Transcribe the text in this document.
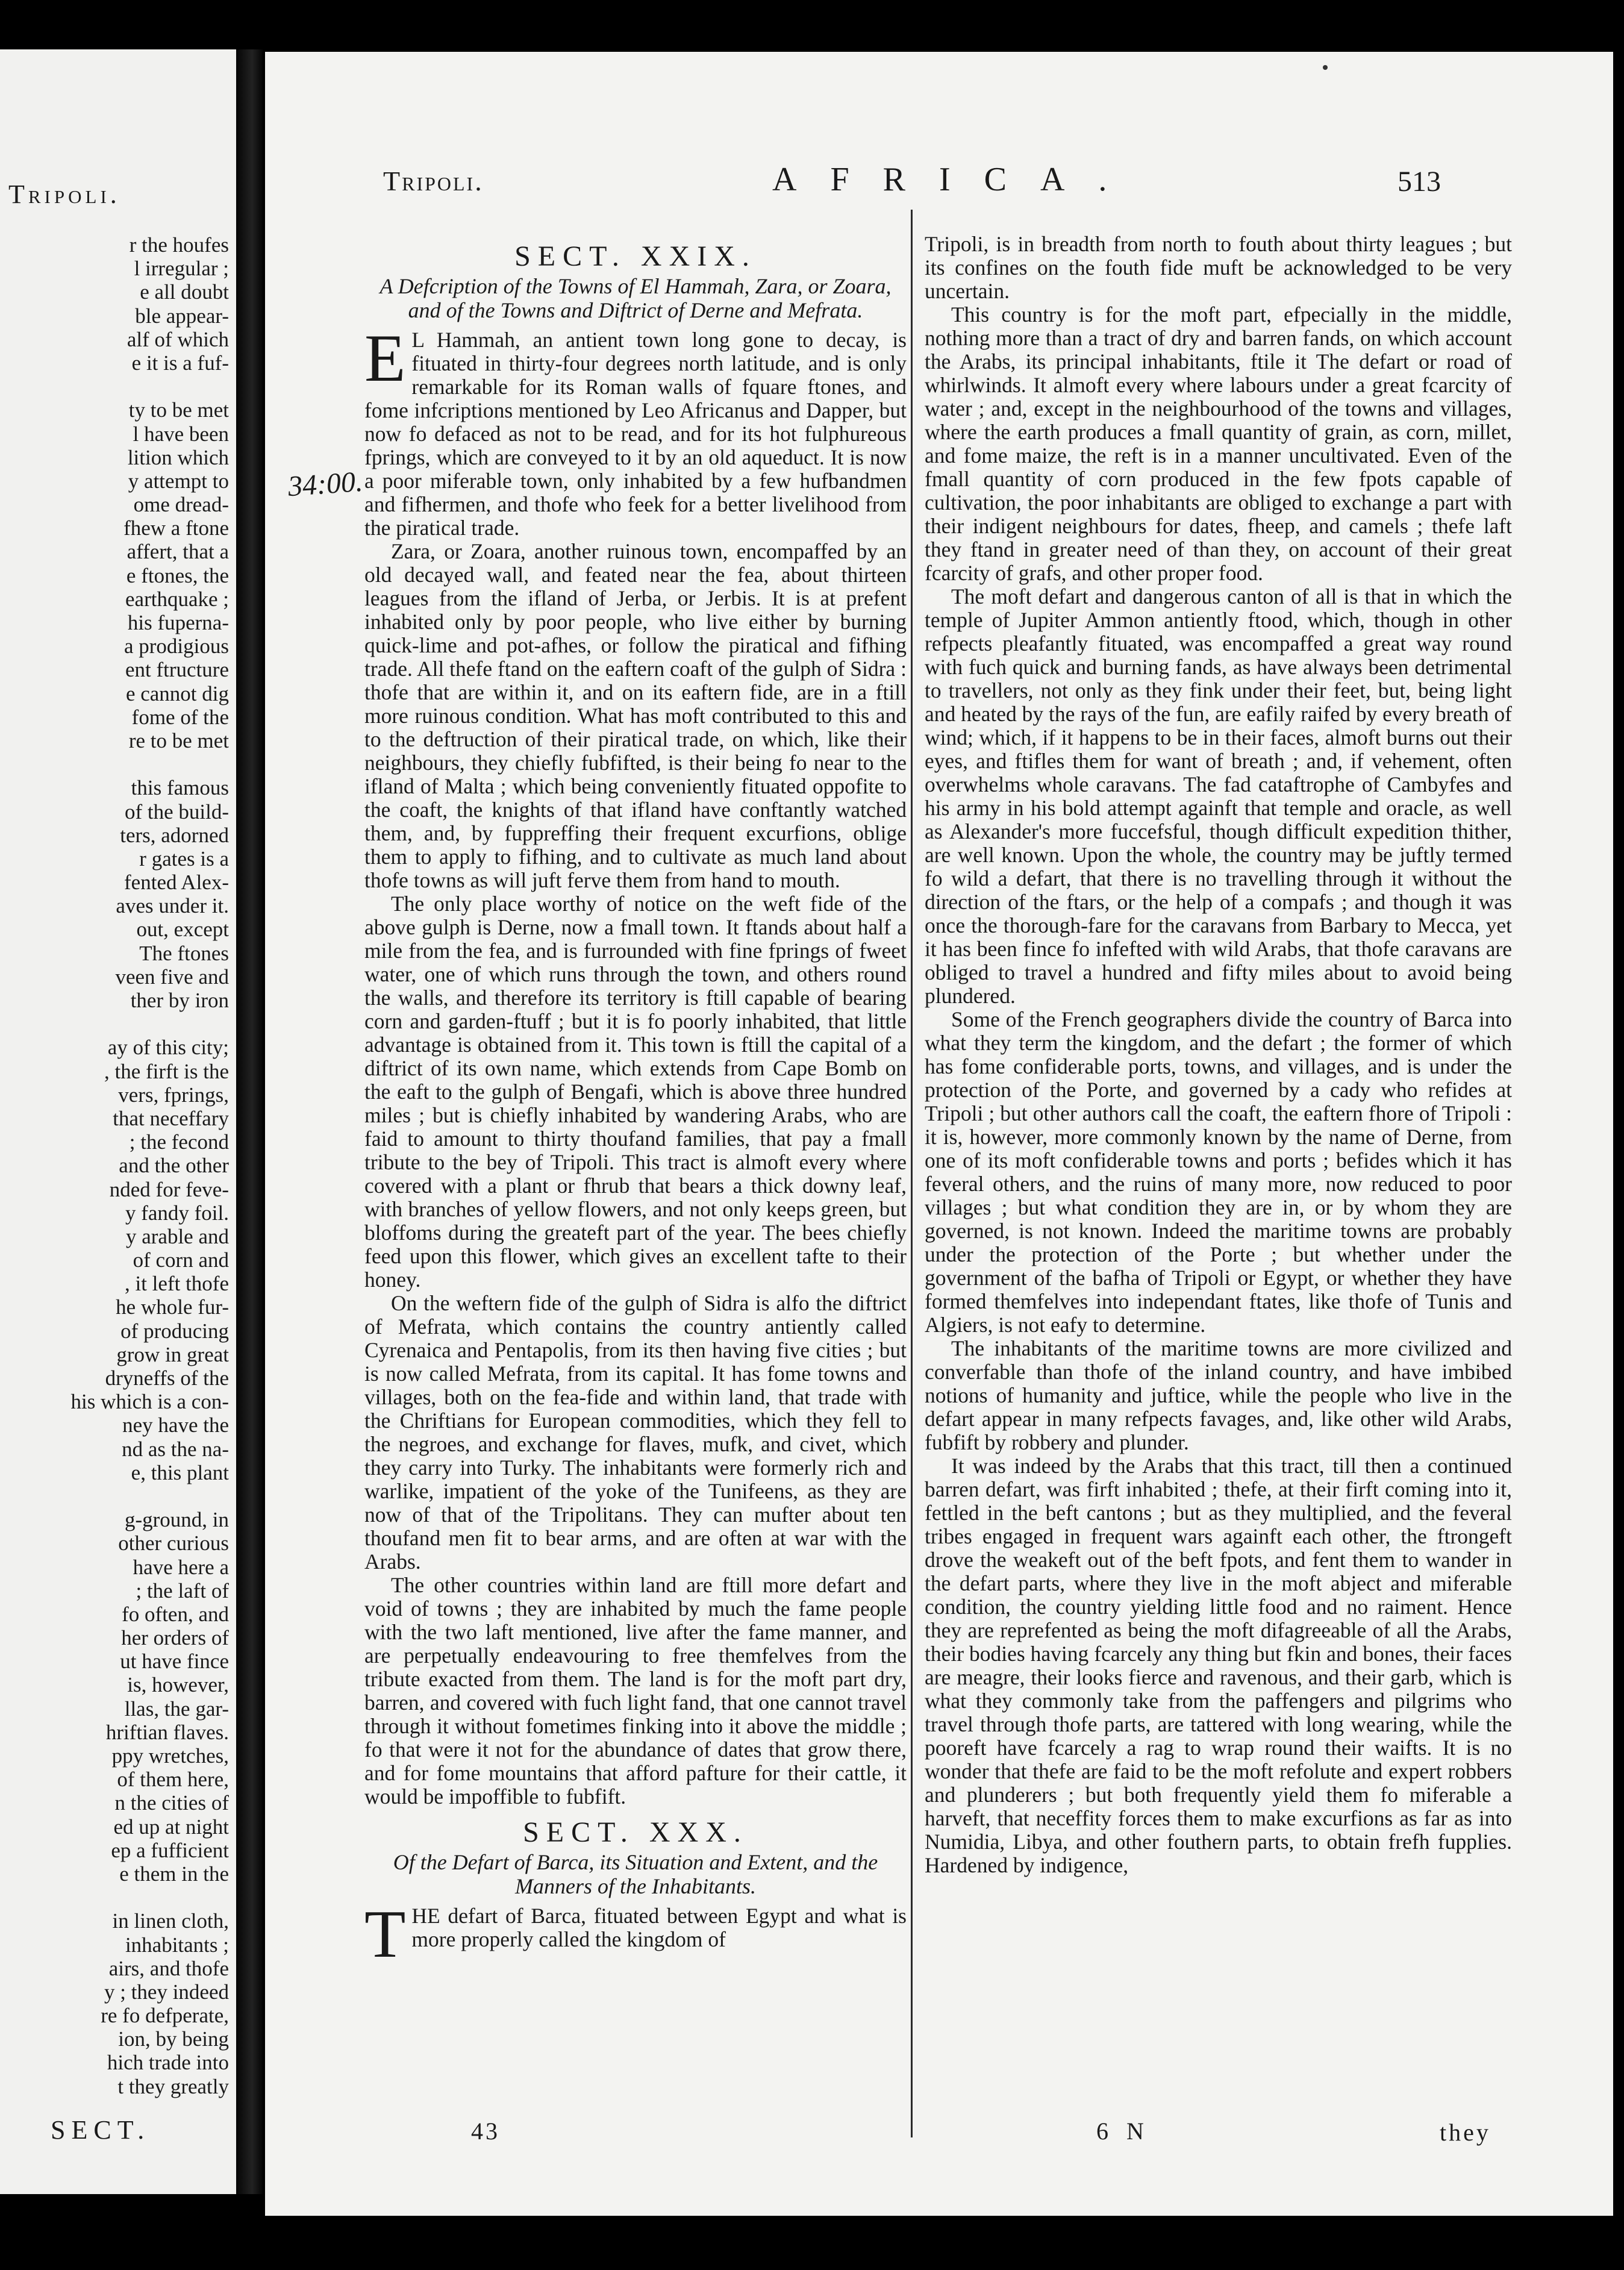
Tripoli.
r the houfes
l irregular ;
e all doubt
ble appear-
alf of which
e it is a fuf-
ty to be met
l have been
lition which
y attempt to
ome dread-
fhew a ftone
affert, that a
e ftones, the
earthquake ;
his fuperna-
a prodigious
ent ftructure
e cannot dig
fome of the
re to be met
this famous
of the build-
ters, adorned
r gates is a
fented Alex-
aves under it.
out, except
The ftones
veen five and
ther by iron
ay of this city;
, the firft is the
vers, fprings,
that neceffary
; the fecond
and the other
nded for feve-
y fandy foil.
y arable and
of corn and
, it left thofe
he whole fur-
of producing
grow in great
dryneffs of the
his which is a con-
ney have the
nd as the na-
e, this plant
g-ground, in
other curious
have here a
; the laft of
fo often, and
her orders of
ut have fince
is, however,
llas, the gar-
hriftian flaves.
ppy wretches,
of them here,
n the cities of
ed up at night
ep a fufficient
e them in the
in linen cloth,
inhabitants ;
airs, and thofe
y ; they indeed
re fo defperate,
ion, by being
hich trade into
t they greatly
SECT.
Tripoli.	AFRICA.	513
34:00.
SECT. XXIX.
A Defcription of the Towns of El Hammah, Zara, or Zoara, and of the Towns and Diftrict of Derne and Mefrata.

E L Hammah, an antient town long gone to decay, is fituated in thirty-four degrees north latitude, and is only remarkable for its Roman walls of fquare ftones, and fome infcriptions mentioned by Leo Africanus and Dapper, but now fo defaced as not to be read, and for its hot fulphureous fprings, which are conveyed to it by an old aqueduct. It is now a poor miferable town, only inhabited by a few hufbandmen and fifhermen, and thofe who feek for a better livelihood from the piratical trade.

Zara, or Zoara, another ruinous town, encompaffed by an old decayed wall, and feated near the fea, about thirteen leagues from the ifland of Jerba, or Jerbis. It is at prefent inhabited only by poor people, who live either by burning quick-lime and pot-afhes, or follow the piratical and fifhing trade. All thefe ftand on the eaftern coaft of the gulph of Sidra : thofe that are within it, and on its eaftern fide, are in a ftill more ruinous condition. What has moft contributed to this and to the deftruction of their piratical trade, on which, like their neighbours, they chiefly fubfifted, is their being fo near to the ifland of Malta ; which being conveniently fituated oppofite to the coaft, the knights of that ifland have conftantly watched them, and, by fuppreffing their frequent excurfions, oblige them to apply to fifhing, and to cultivate as much land about thofe towns as will juft ferve them from hand to mouth.

The only place worthy of notice on the weft fide of the above gulph is Derne, now a fmall town. It ftands about half a mile from the fea, and is furrounded with fine fprings of fweet water, one of which runs through the town, and others round the walls, and therefore its territory is ftill capable of bearing corn and garden-ftuff ; but it is fo poorly inhabited, that little advantage is obtained from it. This town is ftill the capital of a diftrict of its own name, which extends from Cape Bomb on the eaft to the gulph of Bengafi, which is above three hundred miles ; but is chiefly inhabited by wandering Arabs, who are faid to amount to thirty thoufand families, that pay a fmall tribute to the bey of Tripoli. This tract is almoft every where covered with a plant or fhrub that bears a thick downy leaf, with branches of yellow flowers, and not only keeps green, but bloffoms during the greateft part of the year. The bees chiefly feed upon this flower, which gives an excellent tafte to their honey.

On the weftern fide of the gulph of Sidra is alfo the diftrict of Mefrata, which contains the country antiently called Cyrenaica and Pentapolis, from its then having five cities ; but is now called Mefrata, from its capital. It has fome towns and villages, both on the fea-fide and within land, that trade with the Chriftians for European commodities, which they fell to the negroes, and exchange for flaves, mufk, and civet, which they carry into Turky. The inhabitants were formerly rich and warlike, impatient of the yoke of the Tunifeens, as they are now of that of the Tripolitans. They can mufter about ten thoufand men fit to bear arms, and are often at war with the Arabs.

The other countries within land are ftill more defart and void of towns ; they are inhabited by much the fame people with the two laft mentioned, live after the fame manner, and are perpetually endeavouring to free themfelves from the tribute exacted from them. The land is for the moft part dry, barren, and covered with fuch light fand, that one cannot travel through it without fometimes finking into it above the middle ; fo that were it not for the abundance of dates that grow there, and for fome mountains that afford pafture for their cattle, it would be impoffible to fubfift.

SECT. XXX.
Of the Defart of Barca, its Situation and Extent, and the Manners of the Inhabitants.

THE defart of Barca, fituated between Egypt and what is more properly called the kingdom of

Tripoli, is in breadth from north to fouth about thirty leagues ; but its confines on the fouth fide muft be acknowledged to be very uncertain.

This country is for the moft part, efpecially in the middle, nothing more than a tract of dry and barren fands, on which account the Arabs, its principal inhabitants, ftile it The defart or road of whirlwinds. It almoft every where labours under a great fcarcity of water ; and, except in the neighbourhood of the towns and villages, where the earth produces a fmall quantity of grain, as corn, millet, and fome maize, the reft is in a manner uncultivated. Even of the fmall quantity of corn produced in the few fpots capable of cultivation, the poor inhabitants are obliged to exchange a part with their indigent neighbours for dates, fheep, and camels ; thefe laft they ftand in greater need of than they, on account of their great fcarcity of grafs, and other proper food.

The moft defart and dangerous canton of all is that in which the temple of Jupiter Ammon antiently ftood, which, though in other refpects pleafantly fituated, was encompaffed a great way round with fuch quick and burning fands, as have always been detrimental to travellers, not only as they fink under their feet, but, being light and heated by the rays of the fun, are eafily raifed by every breath of wind; which, if it happens to be in their faces, almoft burns out their eyes, and ftifles them for want of breath ; and, if vehement, often overwhelms whole caravans. The fad cataftrophe of Cambyfes and his army in his bold attempt againft that temple and oracle, as well as Alexander's more fuccefsful, though difficult expedition thither, are well known. Upon the whole, the country may be juftly termed fo wild a defart, that there is no travelling through it without the direction of the ftars, or the help of a compafs ; and though it was once the thorough-fare for the caravans from Barbary to Mecca, yet it has been fince fo infefted with wild Arabs, that thofe caravans are obliged to travel a hundred and fifty miles about to avoid being plundered.

Some of the French geographers divide the country of Barca into what they term the kingdom, and the defart ; the former of which has fome confiderable ports, towns, and villages, and is under the protection of the Porte, and governed by a cady who refides at Tripoli ; but other authors call the coaft, the eaftern fhore of Tripoli : it is, however, more commonly known by the name of Derne, from one of its moft confiderable towns and ports ; befides which it has feveral others, and the ruins of many more, now reduced to poor villages ; but what condition they are in, or by whom they are governed, is not known. Indeed the maritime towns are probably under the protection of the Porte ; but whether under the government of the bafha of Tripoli or Egypt, or whether they have formed themfelves into independant ftates, like thofe of Tunis and Algiers, is not eafy to determine.

The inhabitants of the maritime towns are more civilized and converfable than thofe of the inland country, and have imbibed notions of humanity and juftice, while the people who live in the defart appear in many refpects favages, and, like other wild Arabs, fubfift by robbery and plunder.

It was indeed by the Arabs that this tract, till then a continued barren defart, was firft inhabited ; thefe, at their firft coming into it, fettled in the beft cantons ; but as they multiplied, and the feveral tribes engaged in frequent wars againft each other, the ftrongeft drove the weakeft out of the beft fpots, and fent them to wander in the defart parts, where they live in the moft abject and miferable condition, the country yielding little food and no raiment. Hence they are reprefented as being the moft difagreeable of all the Arabs, their bodies having fcarcely any thing but fkin and bones, their faces are meagre, their looks fierce and ravenous, and their garb, which is what they commonly take from the paffengers and pilgrims who travel through thofe parts, are tattered with long wearing, while the pooreft have fcarcely a rag to wrap round their waifts. It is no wonder that thefe are faid to be the moft refolute and expert robbers and plunderers ; but both frequently yield them fo miferable a harveft, that neceffity forces them to make excurfions as far as into Numidia, Libya, and other fouthern parts, to obtain frefh fupplies. Hardened by indigence,

43	6 N	they
